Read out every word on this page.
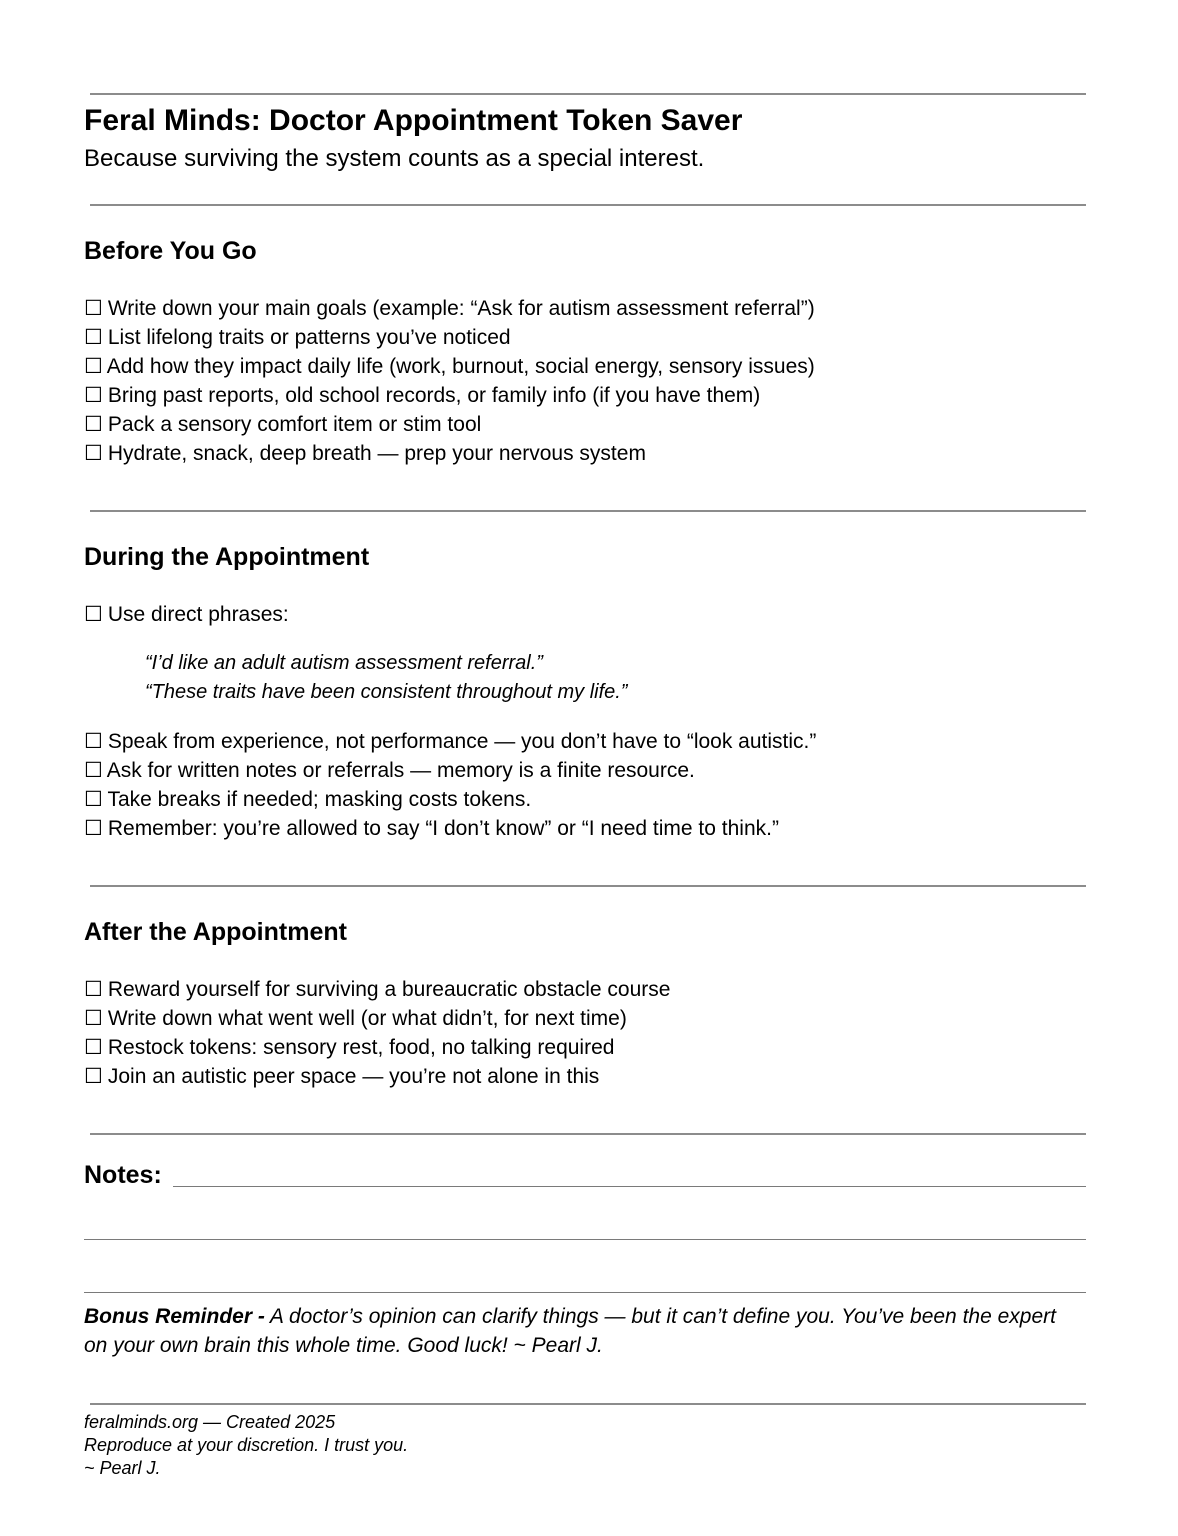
Feral Minds: Doctor Appointment Token Saver
Because surviving the system counts as a special interest.
Before You Go
☐ Write down your main goals (example: “Ask for autism assessment referral”)
☐ List lifelong traits or patterns you’ve noticed
☐ Add how they impact daily life (work, burnout, social energy, sensory issues)
☐ Bring past reports, old school records, or family info (if you have them)
☐ Pack a sensory comfort item or stim tool
☐ Hydrate, snack, deep breath — prep your nervous system
During the Appointment
☐ Use direct phrases:
“I’d like an adult autism assessment referral.”
“These traits have been consistent throughout my life.”
☐ Speak from experience, not performance — you don’t have to “look autistic.”
☐ Ask for written notes or referrals — memory is a finite resource.
☐ Take breaks if needed; masking costs tokens.
☐ Remember: you’re allowed to say “I don’t know” or “I need time to think.”
After the Appointment
☐ Reward yourself for surviving a bureaucratic obstacle course
☐ Write down what went well (or what didn’t, for next time)
☐ Restock tokens: sensory rest, food, no talking required
☐ Join an autistic peer space — you’re not alone in this
Notes:
Bonus Reminder - A doctor’s opinion can clarify things — but it can’t define you. You’ve been the expert on your own brain this whole time. Good luck! ~ Pearl J.
feralminds.org — Created 2025
Reproduce at your discretion. I trust you.
~ Pearl J.
